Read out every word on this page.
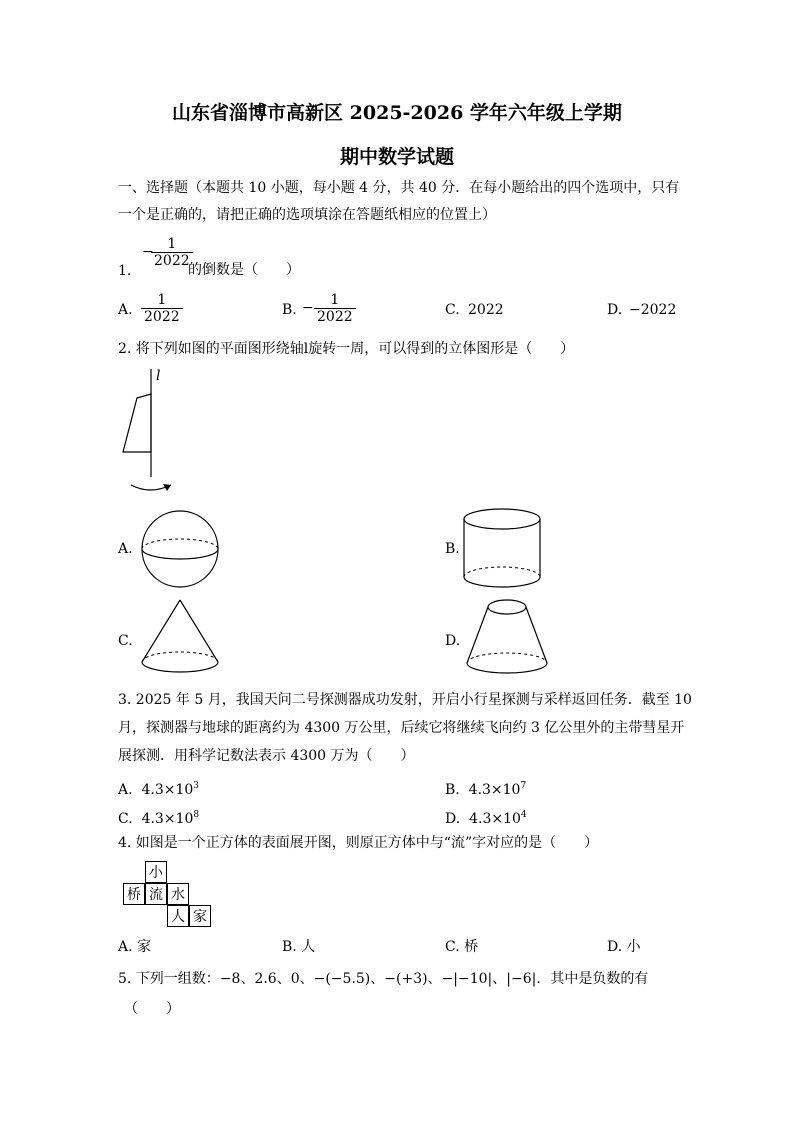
山东省淄博市高新区 2025-2026 学年六年级上学期
期中数学试题
一、选择题（本题共 10 小题，每小题 4 分，共 40 分．在每小题给出的四个选项中，只有
一个是正确的，请把正确的选项填涂在答题纸相应的位置上）
−
$\frac{1}{2022}$
1.	的倒数是（　　）
A. $\frac{1}{2022}$	B. − $\frac{1}{2022}$	C. 2022	D. −2022
2. 将下列如图的平面图形绕轴l旋转一周，可以得到的立体图形是（　　）
l
A.	B.
C.	D.
3. 2025 年 5 月，我国天问二号探测器成功发射，开启小行星探测与采样返回任务．截至 10
月，探测器与地球的距离约为 4300 万公里，后续它将继续飞向约 3 亿公里外的主带彗星开
展探测．用科学记数法表示 4300 万为（　　）
A. $4.3\times 10^3$	B. $4.3\times 10^7$
C. $4.3\times 10^8$	D. $4.3\times 10^4$
4. 如图是一个正方体的表面展开图，则原正方体中与“流”字对应的是（　　）
小
桥 流 水
人 家
A. 家	B. 人	C. 桥	D. 小
5. 下列一组数：−8、2.6、0、−(−5.5)、−(+3)、−|−10|、|−6|．其中是负数的有
（　　）
